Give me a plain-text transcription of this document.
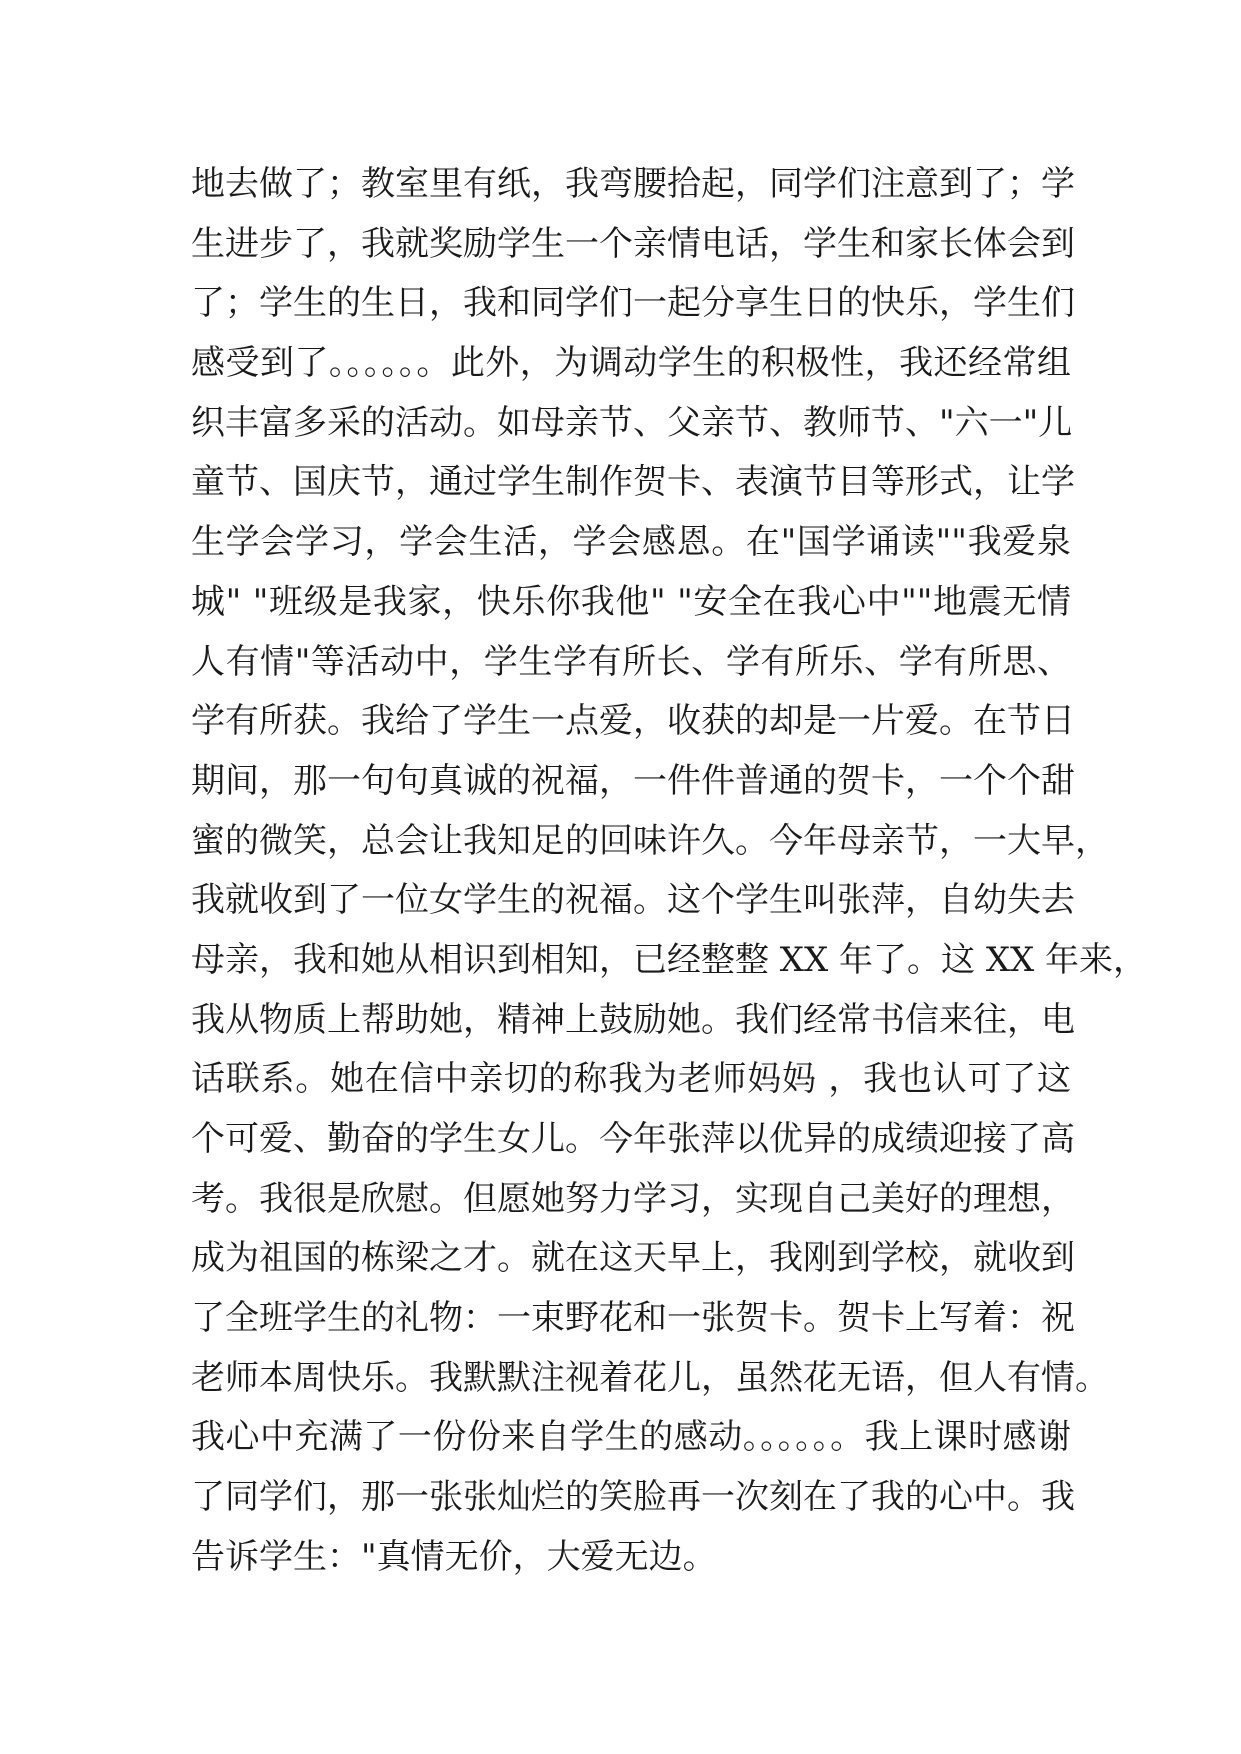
地去做了；教室里有纸，我弯腰拾起，同学们注意到了；学
生进步了，我就奖励学生一个亲情电话，学生和家长体会到
了；学生的生日，我和同学们一起分享生日的快乐，学生们
感受到了。。。。。。此外，为调动学生的积极性，我还经常组
织丰富多采的活动。如母亲节、父亲节、教师节、"六一"儿
童节、国庆节，通过学生制作贺卡、表演节目等形式，让学
生学会学习，学会生活，学会感恩。在"国学诵读""我爱泉
城" "班级是我家，快乐你我他" "安全在我心中""地震无情
人有情"等活动中，学生学有所长、学有所乐、学有所思、
学有所获。我给了学生一点爱，收获的却是一片爱。在节日
期间，那一句句真诚的祝福，一件件普通的贺卡，一个个甜
蜜的微笑，总会让我知足的回味许久。今年母亲节，一大早，
我就收到了一位女学生的祝福。这个学生叫张萍，自幼失去
母亲，我和她从相识到相知，已经整整 XX 年了。这 XX 年来，
我从物质上帮助她，精神上鼓励她。我们经常书信来往，电
话联系。她在信中亲切的称我为老师妈妈 ，我也认可了这
个可爱、勤奋的学生女儿。今年张萍以优异的成绩迎接了高
考。我很是欣慰。但愿她努力学习，实现自己美好的理想，
成为祖国的栋梁之才。就在这天早上，我刚到学校，就收到
了全班学生的礼物：一束野花和一张贺卡。贺卡上写着：祝
老师本周快乐。我默默注视着花儿，虽然花无语，但人有情。
我心中充满了一份份来自学生的感动。。。。。。我上课时感谢
了同学们，那一张张灿烂的笑脸再一次刻在了我的心中。我
告诉学生："真情无价，大爱无边。
